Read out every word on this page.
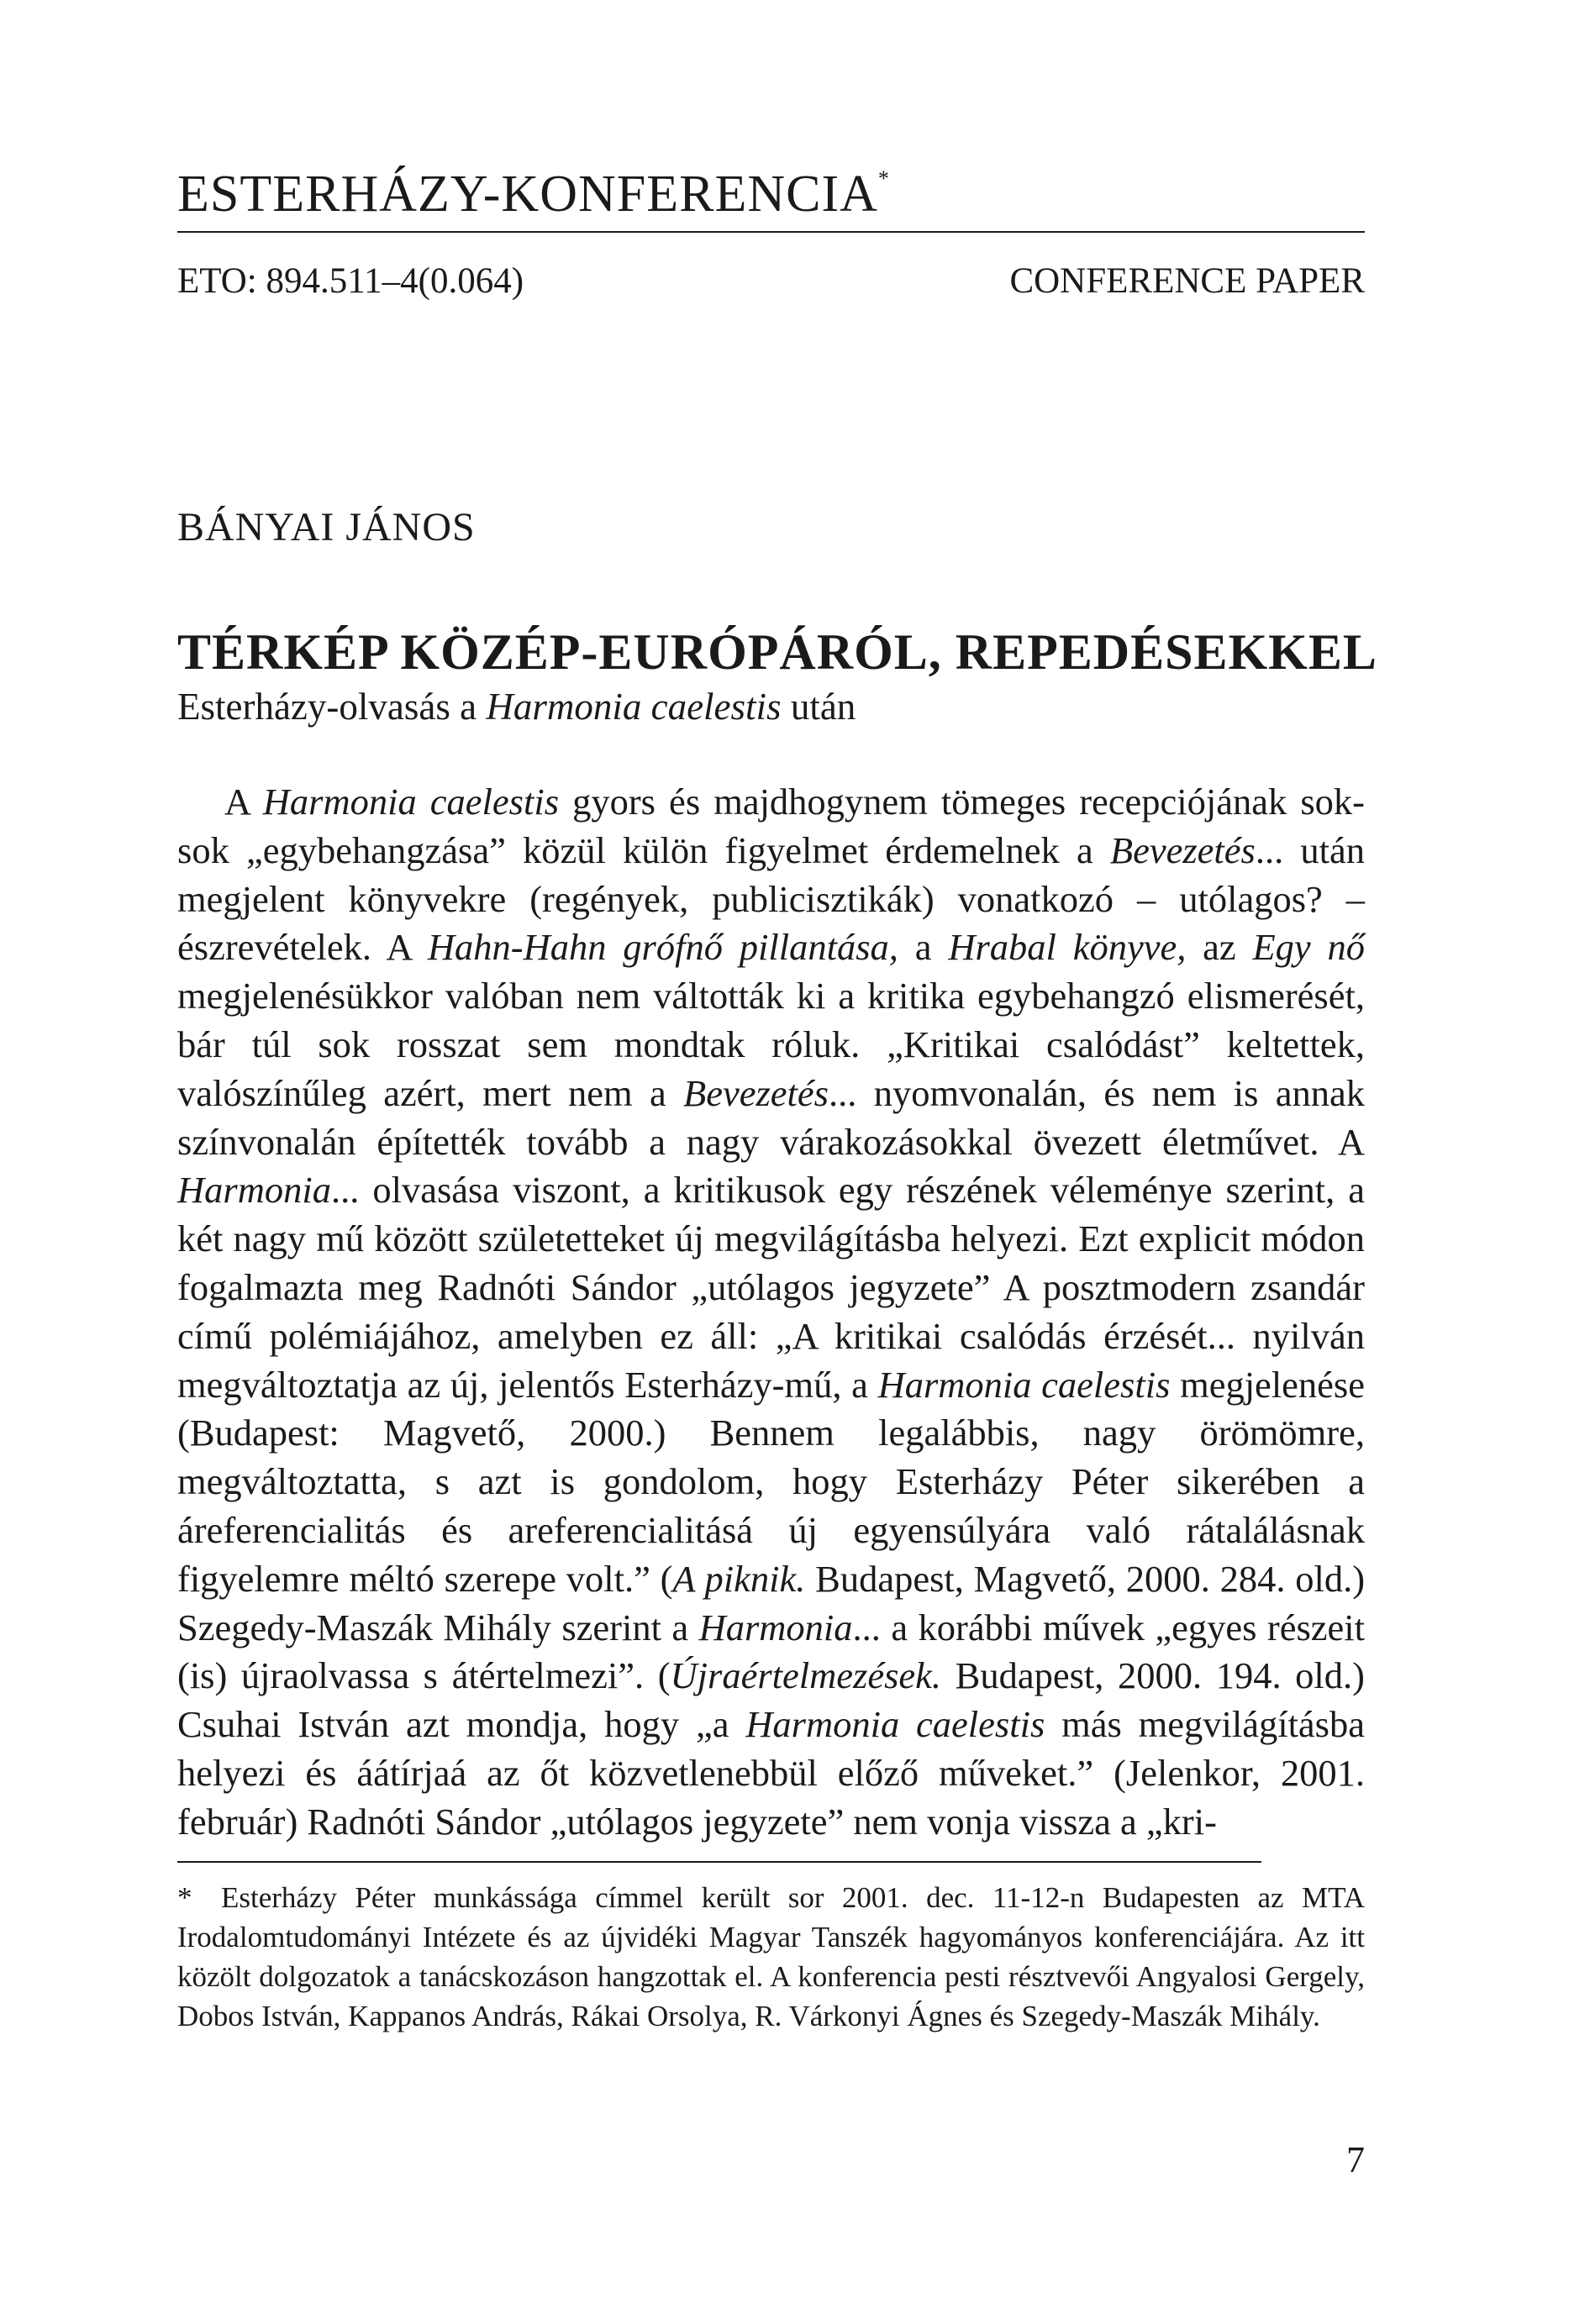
ESTERHÁZY-KONFERENCIA*
ETO: 894.511–4(0.064)	CONFERENCE PAPER
BÁNYAI JÁNOS
TÉRKÉP KÖZÉP-EURÓPÁRÓL, REPEDÉSEKKEL
Esterházy-olvasás a Harmonia caelestis után

A Harmonia caelestis gyors és majdhogynem tömeges recepciójának sok-sok „egybehangzása” közül külön figyelmet érdemelnek a Bevezetés... után megjelent könyvekre (regények, publicisztikák) vonatkozó – utólagos? – észrevételek. A Hahn-Hahn grófnő pillantása, a Hrabal könyve, az Egy nő megjelenésükkor valóban nem váltották ki a kritika egybehangzó elismerését, bár túl sok rosszat sem mondtak róluk. „Kritikai csalódást” keltettek, valószínűleg azért, mert nem a Bevezetés... nyomvonalán, és nem is annak színvonalán építették tovább a nagy várakozásokkal övezett életművet. A Harmonia... olvasása viszont, a kritikusok egy részének véleménye szerint, a két nagy mű között születetteket új megvilágításba helyezi. Ezt explicit módon fogalmazta meg Radnóti Sándor „utólagos jegyzete” A posztmodern zsandár című polémiájához, amelyben ez áll: „A kritikai csalódás érzését... nyilván megváltoztatja az új, jelentős Esterházy-mű, a Harmonia caelestis megjelenése (Budapest: Magvető, 2000.) Bennem legalábbis, nagy örömömre, megváltoztatta, s azt is gondolom, hogy Esterházy Péter sikerében a áreferencialitás és areferencialitásá új egyensúlyára való rátalálásnak figyelemre méltó szerepe volt.” (A piknik. Budapest, Magvető, 2000. 284. old.) Szegedy-Maszák Mihály szerint a Harmonia... a korábbi művek „egyes részeit (is) újraolvassa s átértelmezi”. (Újraértelmezések. Budapest, 2000. 194. old.) Csuhai István azt mondja, hogy „a Harmonia caelestis más megvilágításba helyezi és áátírjaá az őt közvetlenebbül előző műveket.” (Jelenkor, 2001. február) Radnóti Sándor „utólagos jegyzete” nem vonja vissza a „kri-

* Esterházy Péter munkássága címmel került sor 2001. dec. 11-12-n Budapesten az MTA Irodalomtudományi Intézete és az újvidéki Magyar Tanszék hagyományos konferenciájára. Az itt közölt dolgozatok a tanácskozáson hangzottak el. A konferencia pesti résztvevői Angyalosi Gergely, Dobos István, Kappanos András, Rákai Orsolya, R. Várkonyi Ágnes és Szegedy-Maszák Mihály.

7
